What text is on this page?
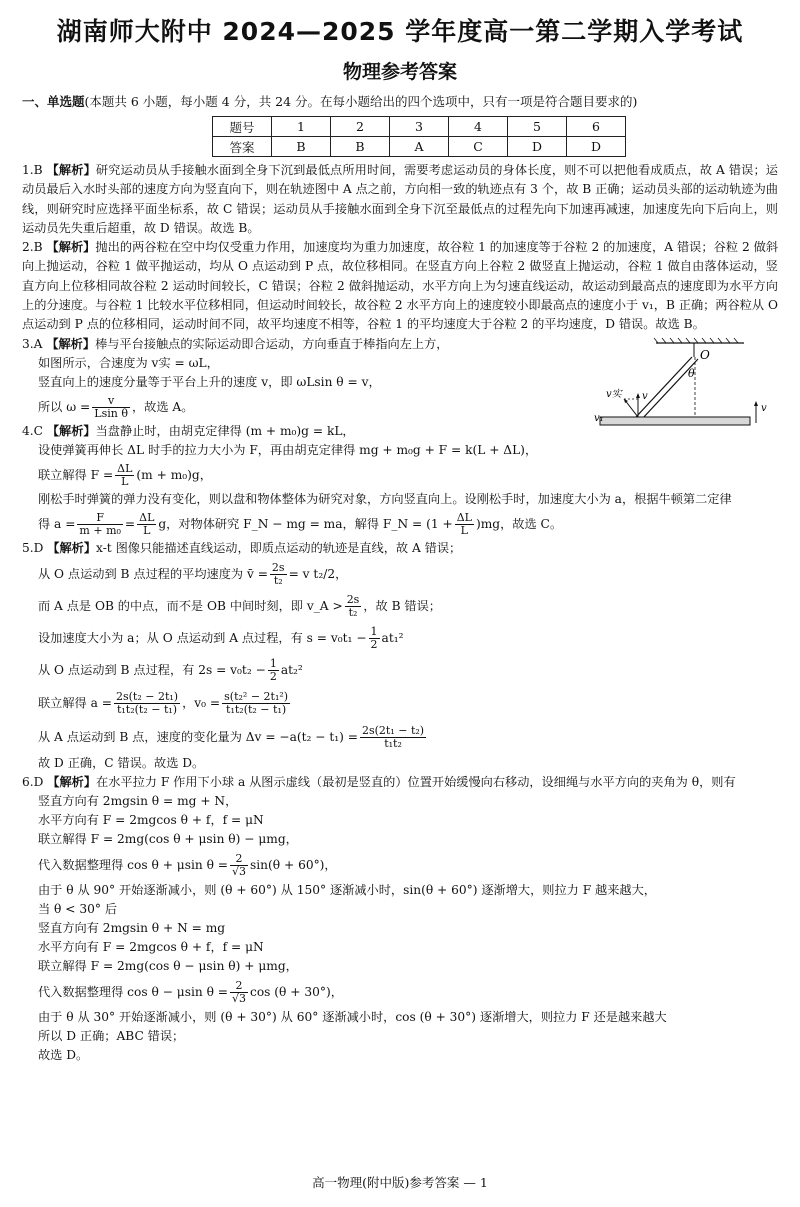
湖南师大附中 2024—2025 学年度高一第二学期入学考试
物理参考答案

一、单选题(本题共 6 小题，每小题 4 分，共 24 分。在每小题给出的四个选项中，只有一项是符合题目要求的)

题号	1	2	3	4	5	6
答案	B	B	A	C	D	D

1.B 【解析】研究运动员从手接触水面到全身下沉到最低点所用时间，需要考虑运动员的身体长度，则不可以把他看成质点，故 A 错误；运动员最后入水时头部的速度方向为竖直向下，则在轨迹图中 A 点之前，方向相一致的轨迹点有 3 个，故 B 正确；运动员头部的运动轨迹为曲线，则研究时应选择平面坐标系，故 C 错误；运动员从手接触水面到全身下沉至最低点的过程先向下加速再减速，加速度先向下后向上，则运动员先失重后超重，故 D 错误。故选 B。

2.B 【解析】抛出的两谷粒在空中均仅受重力作用，加速度均为重力加速度，故谷粒 1 的加速度等于谷粒 2 的加速度，A 错误；谷粒 2 做斜向上抛运动，谷粒 1 做平抛运动，均从 O 点运动到 P 点，故位移相同。在竖直方向上谷粒 2 做竖直上抛运动，谷粒 1 做自由落体运动，竖直方向上位移相同故谷粒 2 运动时间较长，C 错误；谷粒 2 做斜抛运动，水平方向上为匀速直线运动，故运动到最高点的速度即为水平方向上的分速度。与谷粒 1 比较水平位移相同，但运动时间较长，故谷粒 2 水平方向上的速度较小即最高点的速度小于 v₁，B 正确；两谷粒从 O 点运动到 P 点的位移相同，运动时间不同，故平均速度不相等，谷粒 1 的平均速度大于谷粒 2 的平均速度，D 错误。故选 B。

3.A 【解析】棒与平台接触点的实际运动即合运动，方向垂直于棒指向左上方，

如图所示，合速度为 v实 = ωL，

竖直向上的速度分量等于平台上升的速度 v，即 ωLsin θ = v，

所以 $\omega = \frac{v}{\text{Lsin θ}}$ ，故选 A。

O
θ
v实 v
v₁
v

4.C 【解析】当盘静止时，由胡克定律得 (m + m₀)g = kL，

设使弹簧再伸长 ΔL 时手的拉力大小为 F，再由胡克定律得 mg + m₀g + F = k(L + ΔL)，

联立解得 $F = \frac{\Delta L}{L} (m + m_0)g$，

刚松手时弹簧的弹力没有变化，则以盘和物体整体为研究对象，方向竖直向上。设刚松手时，加速度大小为 a，根据牛顿第二定律

得 $a = \frac{F}{\text{m + m₀}} = \frac{\Delta L}{L}$ g，对物体研究 F_N − mg = ma，解得 F_N = $(1 + \frac{\Delta L}{L} )mg$，故选 C。

5.D 【解析】x-t 图像只能描述直线运动，即质点运动的轨迹是直线，故 A 错误；

从 O 点运动到 B 点过程的平均速度为 v̄ = $\frac{2s}{\text{t₂}} = v$ t₂/2，

而 A 点是 OB 的中点，而不是 OB 中间时刻，即 v_A > $\frac{2s}{\text{t₂}}$ ，故 B 错误；

设加速度大小为 a；从 O 点运动到 A 点过程，有 $s = v_0t_1 - \frac{1}{2} at_1^2$

从 O 点运动到 B 点过程，有 $2s = v_0t_2 - \frac{1}{2} at_2^2$

联立解得 $a = \frac{\text{2s(t₂ − 2t₁)}}{\text{t₁t₂(t₂ − t₁)}}$ ，$v_0 = \frac{\text{s(t₂² − 2t₁²)}}{\text{t₁t₂(t₂ − t₁)}}$

从 A 点运动到 B 点，速度的变化量为 $\Delta v = -a(t_2 - t_1) = \frac{\text{2s(2t₁ − t₂)}}{\text{t₁t₂}}$

故 D 正确，C 错误。故选 D。

6.D 【解析】在水平拉力 F 作用下小球 a 从图示虚线（最初是竖直的）位置开始缓慢向右移动，设细绳与水平方向的夹角为 θ，则有

竖直方向有 2mgsin θ = mg + N，

水平方向有 F = 2mgcos θ + f，f = μN

联立解得 F = 2mg(cos θ + μsin θ) − μmg，

代入数据整理得 cos θ + μsin $\theta = \frac{2}{√3} \sin(\theta + 60^\circ)$，

由于 θ 从 90° 开始逐渐减小，则 (θ + 60°) 从 150° 逐渐减小时，sin(θ + 60°) 逐渐增大，则拉力 F 越来越大，

当 θ < 30° 后

竖直方向有 2mgsin θ + N = mg

水平方向有 F = 2mgcos θ + f，f = μN

联立解得 F = 2mg(cos θ − μsin θ) + μmg，

代入数据整理得 cos θ − μsin $\theta = \frac{2}{√3}$ cos (θ + 30°)，

由于 θ 从 30° 开始逐渐减小，则 (θ + 30°) 从 60° 逐渐减小时，cos (θ + 30°) 逐渐增大，则拉力 F 还是越来越大

所以 D 正确；ABC 错误；

故选 D。

高一物理(附中版)参考答案 — 1
